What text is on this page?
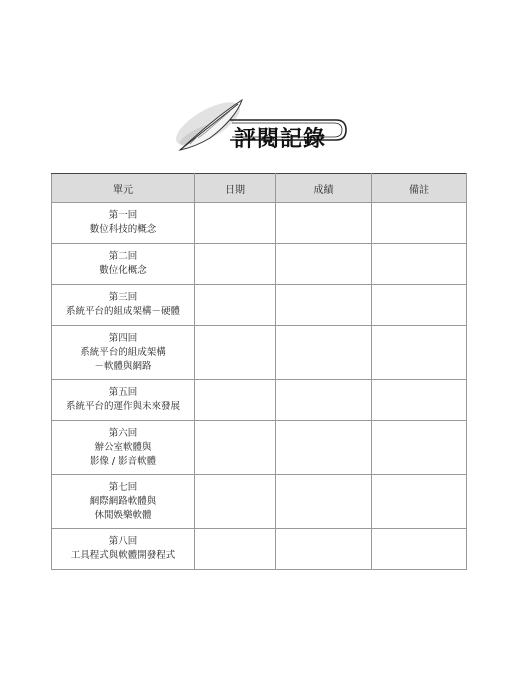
評閱記錄
單元	日期	成績	備註

第一回
數位科技的概念			

第二回
數位化概念			

第三回
系統平台的組成架構－硬體			

第四回
系統平台的組成架構
－軟體與網路			

第五回
系統平台的運作與未來發展			

第六回
辦公室軟體與
影像 / 影音軟體			

第七回
網際網路軟體與
休閒娛樂軟體			

第八回
工具程式與軟體開發程式			
